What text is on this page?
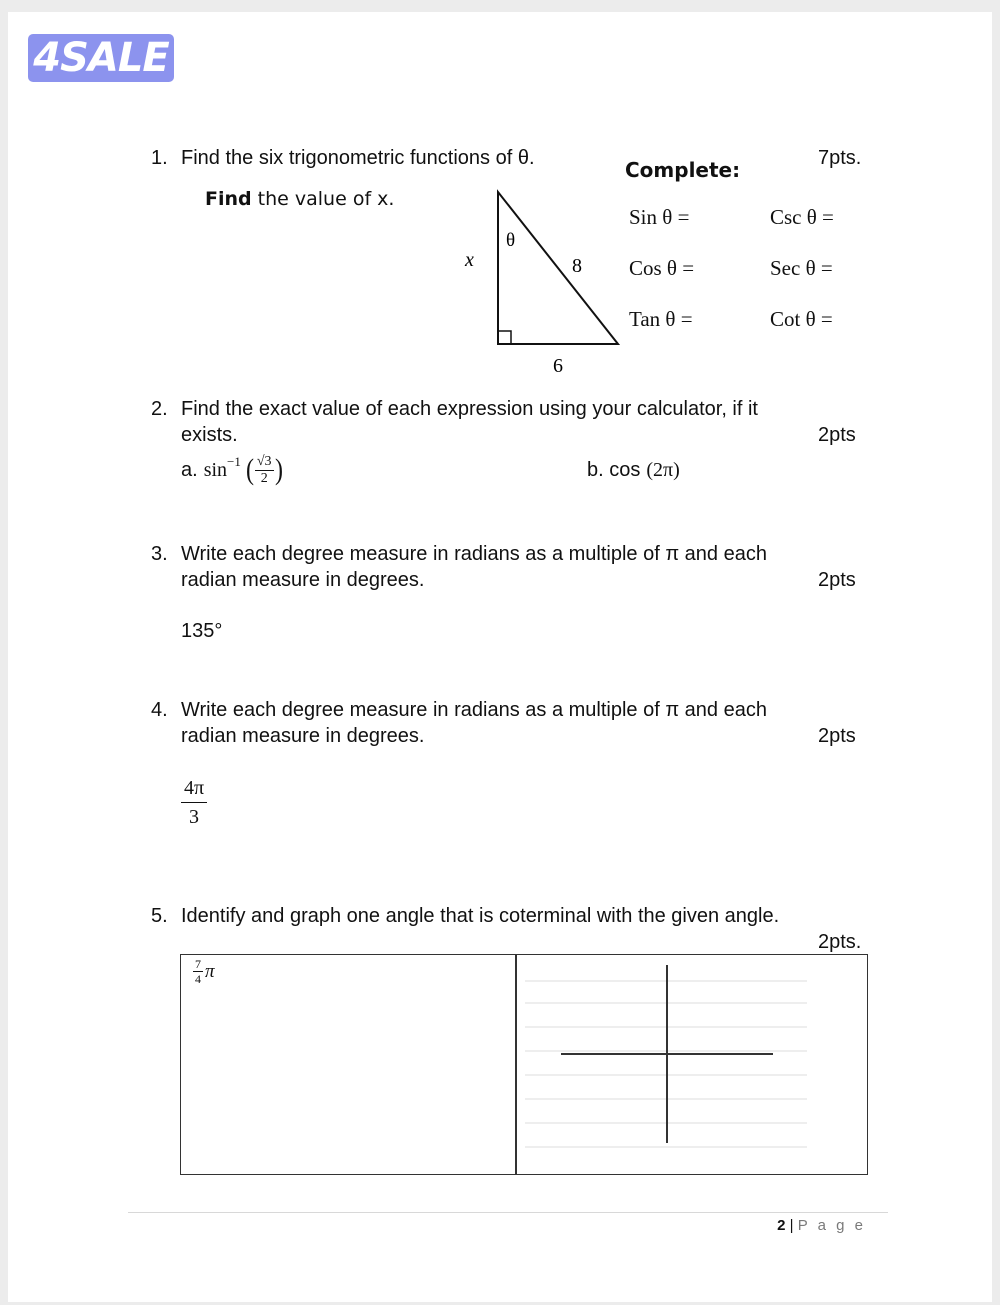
4SALE
1. Find the six trigonometric functions of θ.	Complete:	7pts.
Find the value of x.
x
θ
8
6
Sin θ =	Csc θ =
Cos θ =	Sec θ =
Tan θ =	Cot θ =
2. Find the exact value of each expression using your calculator, if it
exists.	2pts
a. $\sin^{-1}$ ( $\frac{√3}{2}$ )	b. cos (2π)
3. Write each degree measure in radians as a multiple of π and each
radian measure in degrees.	2pts
135°
4. Write each degree measure in radians as a multiple of π and each
radian measure in degrees.	2pts
$\frac{4\pi}{3}$
5. Identify and graph one angle that is coterminal with the given angle.
2pts.
$\frac{7}{4}$ π
2 | P a g e
